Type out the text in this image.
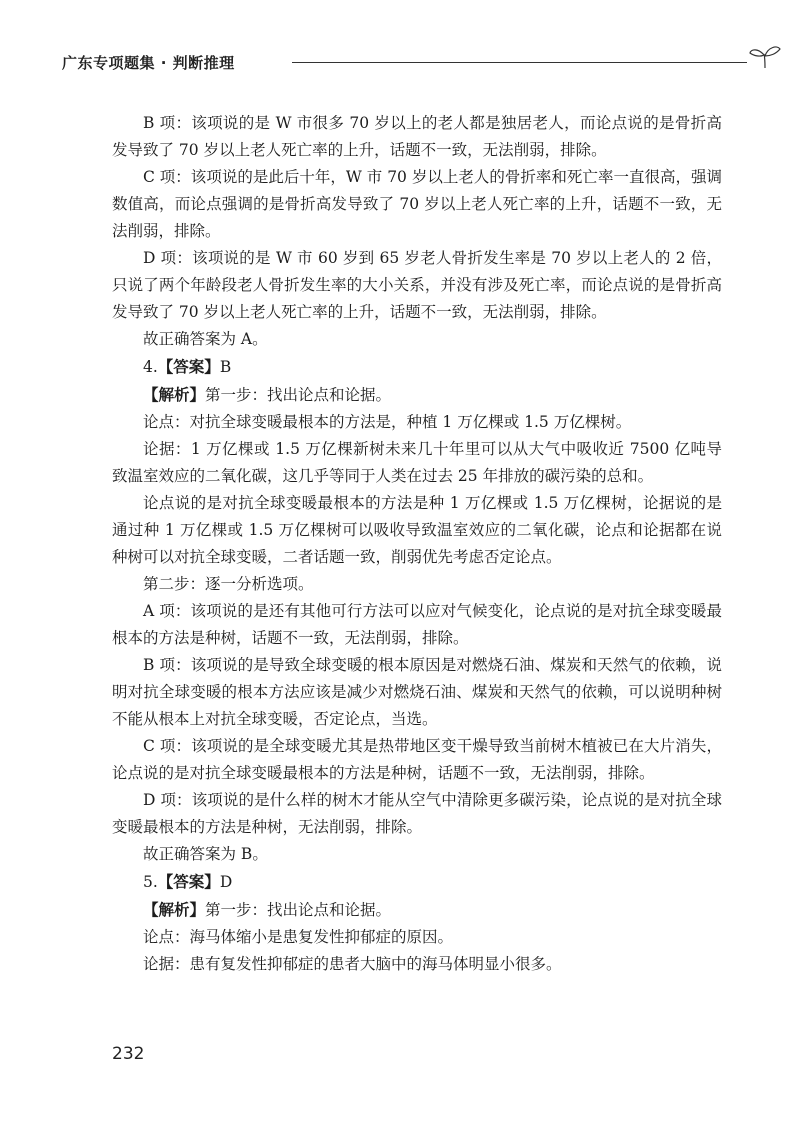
广东专项题集 · 判断推理

B 项：该项说的是 W 市很多 70 岁以上的老人都是独居老人，而论点说的是骨折高发导致了 70 岁以上老人死亡率的上升，话题不一致，无法削弱，排除。

C 项：该项说的是此后十年，W 市 70 岁以上老人的骨折率和死亡率一直很高，强调数值高，而论点强调的是骨折高发导致了 70 岁以上老人死亡率的上升，话题不一致，无法削弱，排除。

D 项：该项说的是 W 市 60 岁到 65 岁老人骨折发生率是 70 岁以上老人的 2 倍，只说了两个年龄段老人骨折发生率的大小关系，并没有涉及死亡率，而论点说的是骨折高发导致了 70 岁以上老人死亡率的上升，话题不一致，无法削弱，排除。

故正确答案为 A。

4.【答案】B

【解析】第一步：找出论点和论据。

论点：对抗全球变暖最根本的方法是，种植 1 万亿棵或 1.5 万亿棵树。

论据：1 万亿棵或 1.5 万亿棵新树未来几十年里可以从大气中吸收近 7500 亿吨导致温室效应的二氧化碳，这几乎等同于人类在过去 25 年排放的碳污染的总和。

论点说的是对抗全球变暖最根本的方法是种 1 万亿棵或 1.5 万亿棵树，论据说的是通过种 1 万亿棵或 1.5 万亿棵树可以吸收导致温室效应的二氧化碳，论点和论据都在说种树可以对抗全球变暖，二者话题一致，削弱优先考虑否定论点。

第二步：逐一分析选项。

A 项：该项说的是还有其他可行方法可以应对气候变化，论点说的是对抗全球变暖最根本的方法是种树，话题不一致，无法削弱，排除。

B 项：该项说的是导致全球变暖的根本原因是对燃烧石油、煤炭和天然气的依赖，说明对抗全球变暖的根本方法应该是减少对燃烧石油、煤炭和天然气的依赖，可以说明种树不能从根本上对抗全球变暖，否定论点，当选。

C 项：该项说的是全球变暖尤其是热带地区变干燥导致当前树木植被已在大片消失，论点说的是对抗全球变暖最根本的方法是种树，话题不一致，无法削弱，排除。

D 项：该项说的是什么样的树木才能从空气中清除更多碳污染，论点说的是对抗全球变暖最根本的方法是种树，无法削弱，排除。

故正确答案为 B。

5.【答案】D

【解析】第一步：找出论点和论据。

论点：海马体缩小是患复发性抑郁症的原因。

论据：患有复发性抑郁症的患者大脑中的海马体明显小很多。

232
